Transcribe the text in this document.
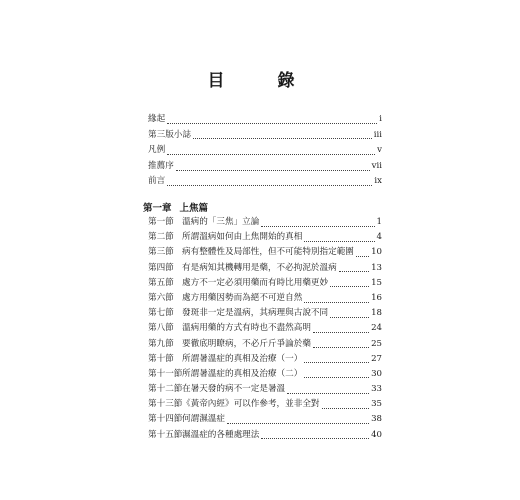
目　錄
緣起	i
第三版小誌	iii
凡例	v
推薦序	vii
前言	ix
第一章 上焦篇
第一節 溫病的「三焦」立論	1
第二節 所謂溫病如何由上焦開始的真相	4
第三節 病有整體性及局部性，但不可能特別指定範圍 10
第四節 有是病知其機轉用是藥，不必拘泥於溫病	13
第五節 處方不一定必須用藥而有時比用藥更妙	15
第六節 處方用藥因勢而為絕不可逆自然	16
第七節 發斑非一定是溫病，其病理與古說不同	18
第八節 溫病用藥的方式有時也不盡然高明	24
第九節 要徹底明瞭病，不必斤斤爭論於藥	25
第十節 所謂暑溫症的真相及治療（一）	27
第十一節 所謂暑溫症的真相及治療（二）	30
第十二節 在暑天發的病不一定是暑溫	33
第十三節 《黃帝內經》可以作參考，並非全對	35
第十四節 何謂濕溫症	38
第十五節 濕溫症的各種處理法	40
